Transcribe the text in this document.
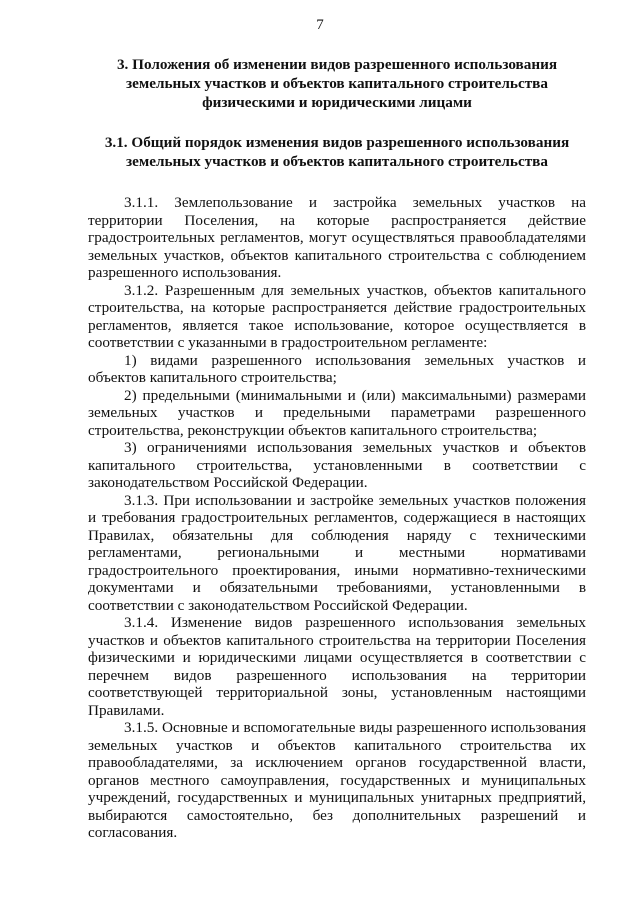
7
3. Положения об изменении видов разрешенного использования земельных участков и объектов капитального строительства физическими и юридическими лицами
3.1. Общий порядок изменения видов разрешенного использования земельных участков и объектов капитального строительства

3.1.1. Землепользование и застройка земельных участков на территории Поселения, на которые распространяется действие градостроительных регламентов, могут осуществляться правообладателями земельных участков, объектов капитального строительства с соблюдением разрешенного использования.

3.1.2. Разрешенным для земельных участков, объектов капитального строительства, на которые распространяется действие градостроительных регламентов, является такое использование, которое осуществляется в соответствии с указанными в градостроительном регламенте:

1) видами разрешенного использования земельных участков и объектов капитального строительства;

2) предельными (минимальными и (или) максимальными) размерами земельных участков и предельными параметрами разрешенного строительства, реконструкции объектов капитального строительства;

3) ограничениями использования земельных участков и объектов капитального строительства, установленными в соответствии с законодательством Российской Федерации.

3.1.3. При использовании и застройке земельных участков положения и требования градостроительных регламентов, содержащиеся в настоящих Правилах, обязательны для соблюдения наряду с техническими регламентами, региональными и местными нормативами градостроительного проектирования, иными нормативно-техническими документами и обязательными требованиями, установленными в соответствии с законодательством Российской Федерации.

3.1.4. Изменение видов разрешенного использования земельных участков и объектов капитального строительства на территории Поселения физическими и юридическими лицами осуществляется в соответствии с перечнем видов разрешенного использования на территории соответствующей территориальной зоны, установленным настоящими Правилами.

3.1.5. Основные и вспомогательные виды разрешенного использования земельных участков и объектов капитального строительства их правообладателями, за исключением органов государственной власти, органов местного самоуправления, государственных и муниципальных учреждений, государственных и муниципальных унитарных предприятий, выбираются самостоятельно, без дополнительных разрешений и согласования.
